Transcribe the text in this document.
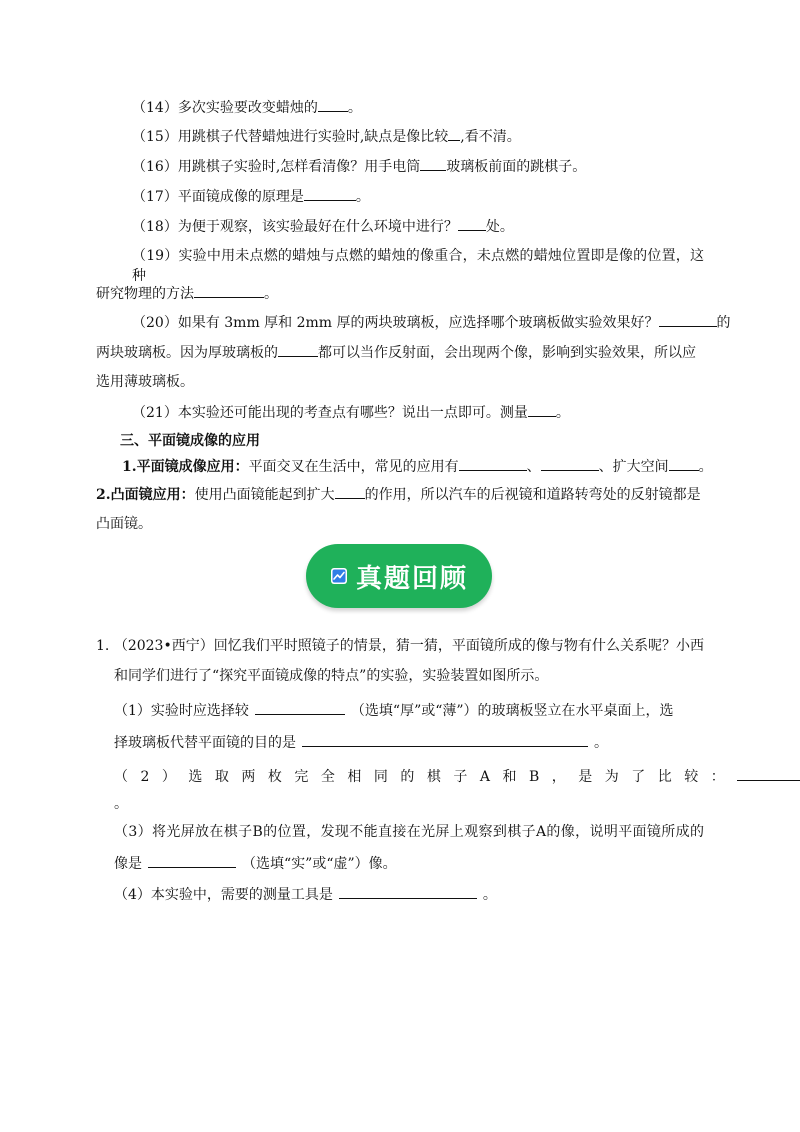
（14）多次实验要改变蜡烛的 。
（15）用跳棋子代替蜡烛进行实验时,缺点是像比较 ,看不清。
（16）用跳棋子实验时,怎样看清像？用手电筒 玻璃板前面的跳棋子。
（17）平面镜成像的原理是	。
（18）为便于观察，该实验最好在什么环境中进行？ 处。
（19）实验中用未点燃的蜡烛与点燃的蜡烛的像重合，未点燃的蜡烛位置即是像的位置，这种
研究物理的方法	。
（20）如果有 3mm 厚和 2mm 厚的两块玻璃板，应选择哪个玻璃板做实验效果好？	的
两块玻璃板。因为厚玻璃板的	都可以当作反射面，会出现两个像，影响到实验效果，所以应
选用薄玻璃板。
（21）本实验还可能出现的考查点有哪些？说出一点即可。测量 。
三、平面镜成像的应用
1.平面镜成像应用：平面交叉在生活中，常见的应用有	、	、扩大空间 。
2.凸面镜应用：使用凸面镜能起到扩大 的作用，所以汽车的后视镜和道路转弯处的反射镜都是
凸面镜。
真题回顾
1. （2023•西宁）回忆我们平时照镜子的情景，猜一猜，平面镜所成的像与物有什么关系呢？小西
和同学们进行了“探究平面镜成像的特点”的实验，实验装置如图所示。
（1）实验时应选择较	（选填“厚”或“薄”）的玻璃板竖立在水平桌面上，选
择玻璃板代替平面镜的目的是	。
（2）选取两枚完全相同的棋子A和B，是为了比较：
。
（3）将光屏放在棋子B的位置，发现不能直接在光屏上观察到棋子A的像，说明平面镜所成的
像是	（选填“实”或“虚”）像。
（4）本实验中，需要的测量工具是	。
